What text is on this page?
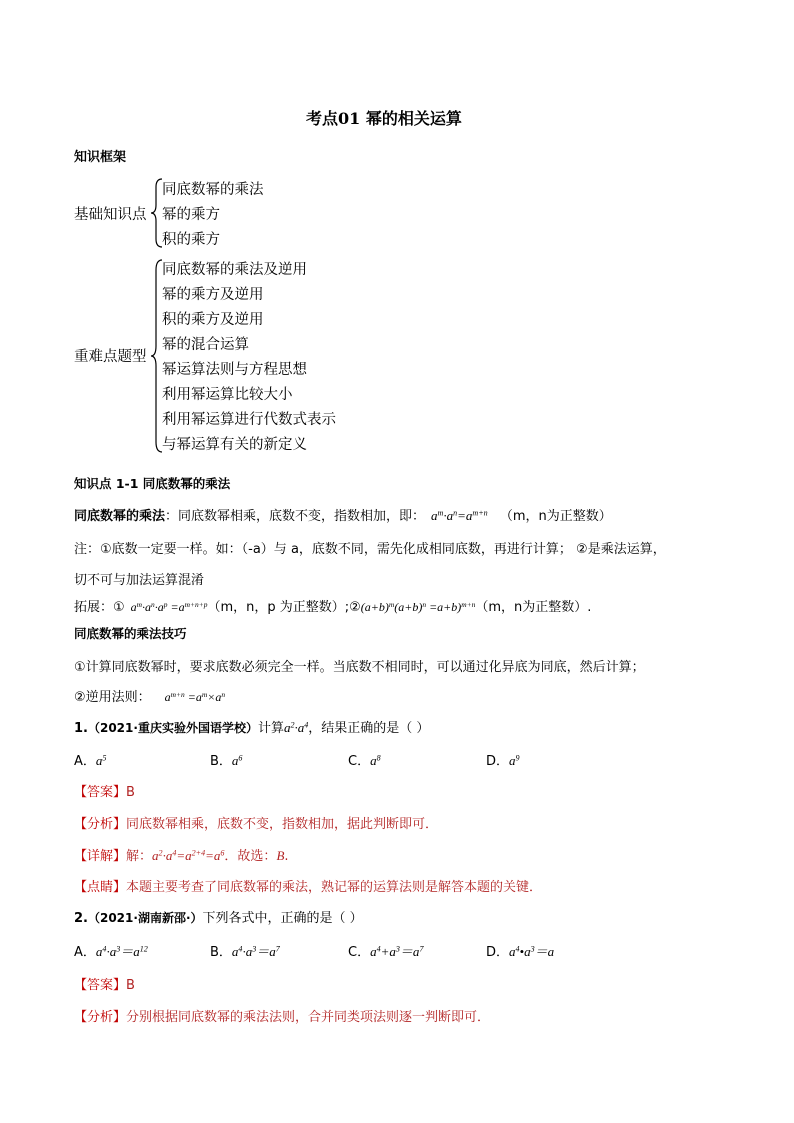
考点01 幂的相关运算
知识框架
基础知识点
同底数幂的乘法
幂的乘方
积的乘方
重难点题型
同底数幂的乘法及逆用
幂的乘方及逆用
积的乘方及逆用
幂的混合运算
幂运算法则与方程思想
利用幂运算比较大小
利用幂运算进行代数式表示
与幂运算有关的新定义
知识点 1-1 同底数幂的乘法
同底数幂的乘法：同底数幂相乘，底数不变，指数相加，即： $a^m\cdot a^n=a^{m+n}$ （m，n为正整数）
注：①底数一定要一样。如：（-a）与 a，底数不同，需先化成相同底数，再进行计算； ②是乘法运算，
切不可与加法运算混淆
拓展：① $a^m\cdot a^n\cdot a^p =a^{m+n+p}(m$，n，p 为正整数）$;②(a+b)^m(a+b)^n =a+b)^{m+n}(m$，n为正整数）.
同底数幂的乘法技巧
①计算同底数幂时，要求底数必须完全一样。当底数不相同时，可以通过化异底为同底，然后计算；
②逆用法则： $a^{m+n} =a^m\times a^n$
1.（2021·重庆实验外国语学校）计算$a^2\cdot a^4$，结果正确的是（ ）
A．$a^5$	B．$a^6$	C．$a^8$	D．$a^9$
【答案】B
【分析】同底数幂相乘，底数不变，指数相加，据此判断即可．
【详解】解：$a^2\cdot a^4=a^{2+4}=a^6$．故选：B.
【点睛】本题主要考查了同底数幂的乘法，熟记幂的运算法则是解答本题的关键．
2.（2021·湖南新邵·）下列各式中，正确的是（ ）
A．$a^4\cdot a^3=a^{12}$	B．$a^4\cdot a^3=a^7$	C．$a^4+a^3=a^7$	D．$a^4•a^3=a$
【答案】B
【分析】分别根据同底数幂的乘法法则，合并同类项法则逐一判断即可．
